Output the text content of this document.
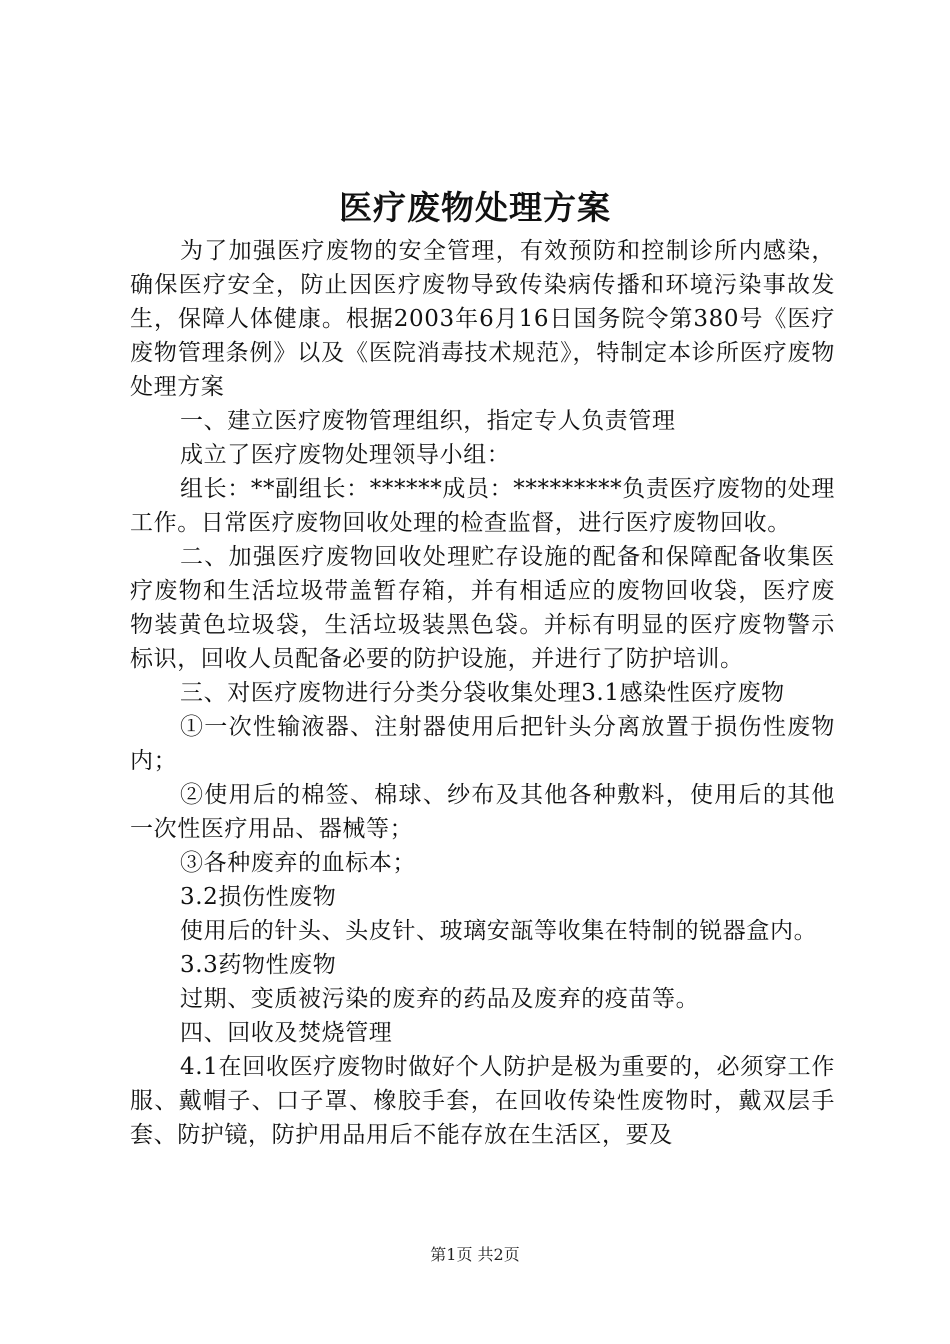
医疗废物处理方案

为了加强医疗废物的安全管理，有效预防和控制诊所内感染，确保医疗安全，防止因医疗废物导致传染病传播和环境污染事故发生，保障人体健康。根据2003年6月16日国务院令第380号《医疗废物管理条例》以及《医院消毒技术规范》，特制定本诊所医疗废物处理方案

一、建立医疗废物管理组织，指定专人负责管理

成立了医疗废物处理领导小组：

组长：**副组长：******成员：*********负责医疗废物的处理工作。日常医疗废物回收处理的检查监督，进行医疗废物回收。

二、加强医疗废物回收处理贮存设施的配备和保障配备收集医疗废物和生活垃圾带盖暂存箱，并有相适应的废物回收袋，医疗废物装黄色垃圾袋，生活垃圾装黑色袋。并标有明显的医疗废物警示标识，回收人员配备必要的防护设施，并进行了防护培训。

三、对医疗废物进行分类分袋收集处理3.1感染性医疗废物

①一次性输液器、注射器使用后把针头分离放置于损伤性废物内；

②使用后的棉签、棉球、纱布及其他各种敷料，使用后的其他一次性医疗用品、器械等；

③各种废弃的血标本；

3.2损伤性废物

使用后的针头、头皮针、玻璃安瓿等收集在特制的锐器盒内。

3.3药物性废物

过期、变质被污染的废弃的药品及废弃的疫苗等。

四、回收及焚烧管理

4.1在回收医疗废物时做好个人防护是极为重要的，必须穿工作服、戴帽子、口子罩、橡胶手套，在回收传染性废物时，戴双层手套、防护镜，防护用品用后不能存放在生活区，要及

第1页 共2页
